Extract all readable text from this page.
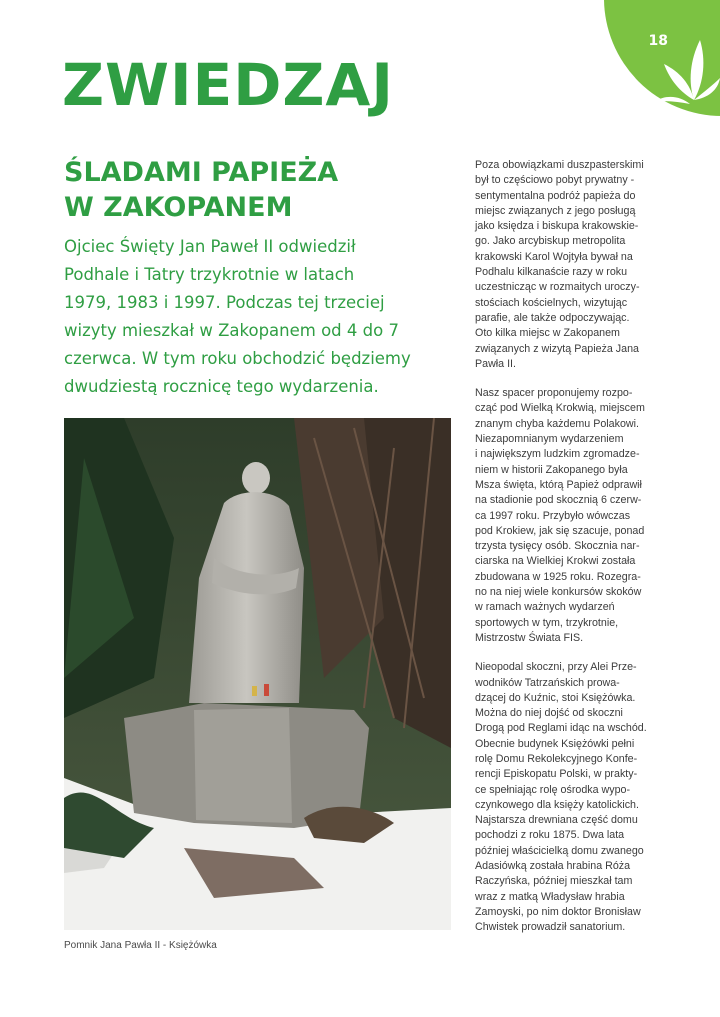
18
ZWIEDZAJ
ŚLADAMI PAPIEŻA
W ZAKOPANEM
Ojciec Święty Jan Paweł II odwiedził
Podhale i Tatry trzykrotnie w latach
1979, 1983 i 1997. Podczas tej trzeciej
wizyty mieszkał w Zakopanem od 4 do 7
czerwca. W tym roku obchodzić będziemy
dwudziestą rocznicę tego wydarzenia.

Pomnik Jana Pawła II - Księżówka

Poza obowiązkami duszpasterskimi
był to częściowo pobyt prywatny -
sentymentalna podróż papieża do
miejsc związanych z jego posługą
jako księdza i biskupa krakowskie-
go. Jako arcybiskup metropolita
krakowski Karol Wojtyła bywał na
Podhalu kilkanaście razy w roku
uczestnicząc w rozmaitych uroczy-
stościach kościelnych, wizytując
parafie, ale także odpoczywając.
Oto kilka miejsc w Zakopanem
związanych z wizytą Papieża Jana
Pawła II.

Nasz spacer proponujemy rozpo-
cząć pod Wielką Krokwią, miejscem
znanym chyba każdemu Polakowi.
Niezapomnianym wydarzeniem
i największym ludzkim zgromadze-
niem w historii Zakopanego była
Msza święta, którą Papież odprawił
na stadionie pod skocznią 6 czerw-
ca 1997 roku. Przybyło wówczas
pod Krokiew, jak się szacuje, ponad
trzysta tysięcy osób. Skocznia nar-
ciarska na Wielkiej Krokwi została
zbudowana w 1925 roku. Rozegra-
no na niej wiele konkursów skoków
w ramach ważnych wydarzeń
sportowych w tym, trzykrotnie,
Mistrzostw Świata FIS.

Nieopodal skoczni, przy Alei Prze-
wodników Tatrzańskich prowa-
dzącej do Kuźnic, stoi Księżówka.
Można do niej dojść od skoczni
Drogą pod Reglami idąc na wschód.
Obecnie budynek Księżówki pełni
rolę Domu Rekolekcyjnego Konfe-
rencji Episkopatu Polski, w prakty-
ce spełniając rolę ośrodka wypo-
czynkowego dla księży katolickich.
Najstarsza drewniana część domu
pochodzi z roku 1875. Dwa lata
później właścicielką domu zwanego
Adasiówką została hrabina Róża
Raczyńska, później mieszkał tam
wraz z matką Władysław hrabia
Zamoyski, po nim doktor Bronisław
Chwistek prowadził sanatorium.
